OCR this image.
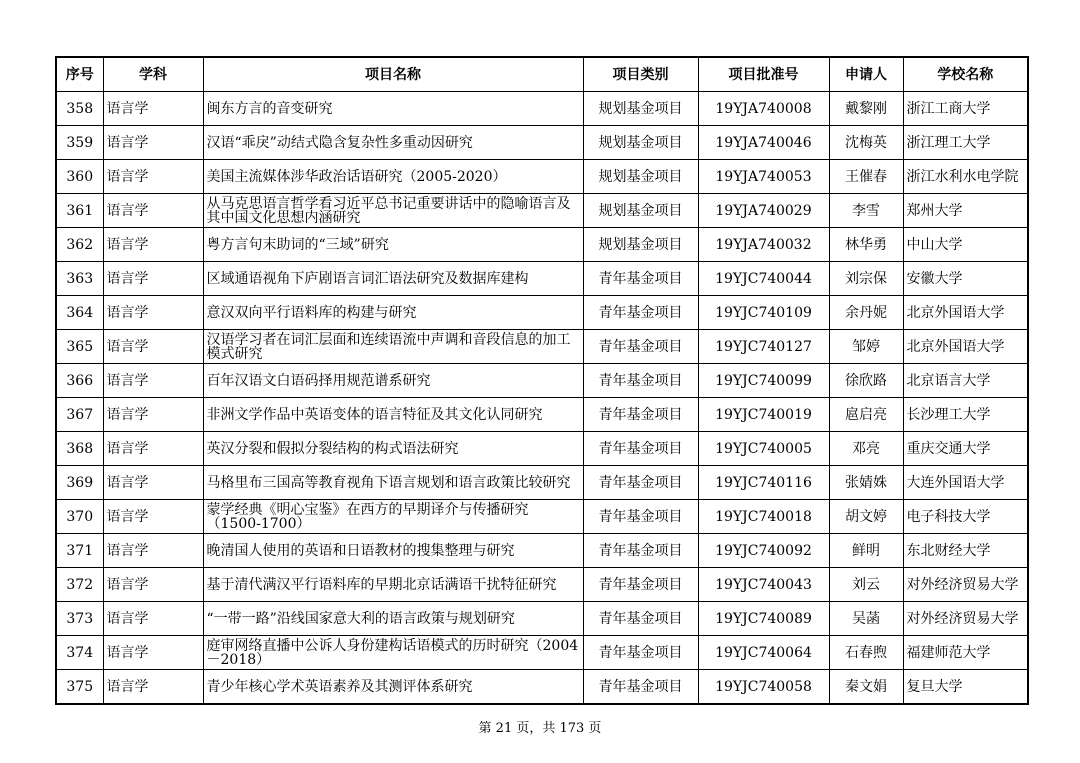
序号	学科	项目名称	项目类别	项目批准号	申请人	学校名称
358	语言学	闽东方言的音变研究	规划基金项目	19YJA740008	戴黎刚	浙江工商大学
359	语言学	汉语“乖戾”动结式隐含复杂性多重动因研究	规划基金项目	19YJA740046	沈梅英	浙江理工大学
360	语言学	美国主流媒体涉华政治话语研究（2005-2020）	规划基金项目	19YJA740053	王催春	浙江水利水电学院
361	语言学	从马克思语言哲学看习近平总书记重要讲话中的隐喻语言及其中国文化思想内涵研究	规划基金项目	19YJA740029	李雪	郑州大学
362	语言学	粤方言句末助词的“三域”研究	规划基金项目	19YJA740032	林华勇	中山大学
363	语言学	区域通语视角下庐剧语言词汇语法研究及数据库建构	青年基金项目	19YJC740044	刘宗保	安徽大学
364	语言学	意汉双向平行语料库的构建与研究	青年基金项目	19YJC740109	余丹妮	北京外国语大学
365	语言学	汉语学习者在词汇层面和连续语流中声调和音段信息的加工模式研究	青年基金项目	19YJC740127	邹婷	北京外国语大学
366	语言学	百年汉语文白语码择用规范谱系研究	青年基金项目	19YJC740099	徐欣路	北京语言大学
367	语言学	非洲文学作品中英语变体的语言特征及其文化认同研究	青年基金项目	19YJC740019	扈启亮	长沙理工大学
368	语言学	英汉分裂和假拟分裂结构的构式语法研究	青年基金项目	19YJC740005	邓亮	重庆交通大学
369	语言学	马格里布三国高等教育视角下语言规划和语言政策比较研究	青年基金项目	19YJC740116	张婧姝	大连外国语大学
370	语言学	蒙学经典《明心宝鉴》在西方的早期译介与传播研究（1500-1700）	青年基金项目	19YJC740018	胡文婷	电子科技大学
371	语言学	晚清国人使用的英语和日语教材的搜集整理与研究	青年基金项目	19YJC740092	鲜明	东北财经大学
372	语言学	基于清代满汉平行语料库的早期北京话满语干扰特征研究	青年基金项目	19YJC740043	刘云	对外经济贸易大学
373	语言学	“一带一路”沿线国家意大利的语言政策与规划研究	青年基金项目	19YJC740089	吴菡	对外经济贸易大学
374	语言学	庭审网络直播中公诉人身份建构话语模式的历时研究（2004－2018）	青年基金项目	19YJC740064	石春煦	福建师范大学
375	语言学	青少年核心学术英语素养及其测评体系研究	青年基金项目	19YJC740058	秦文娟	复旦大学
第 21 页，共 173 页
